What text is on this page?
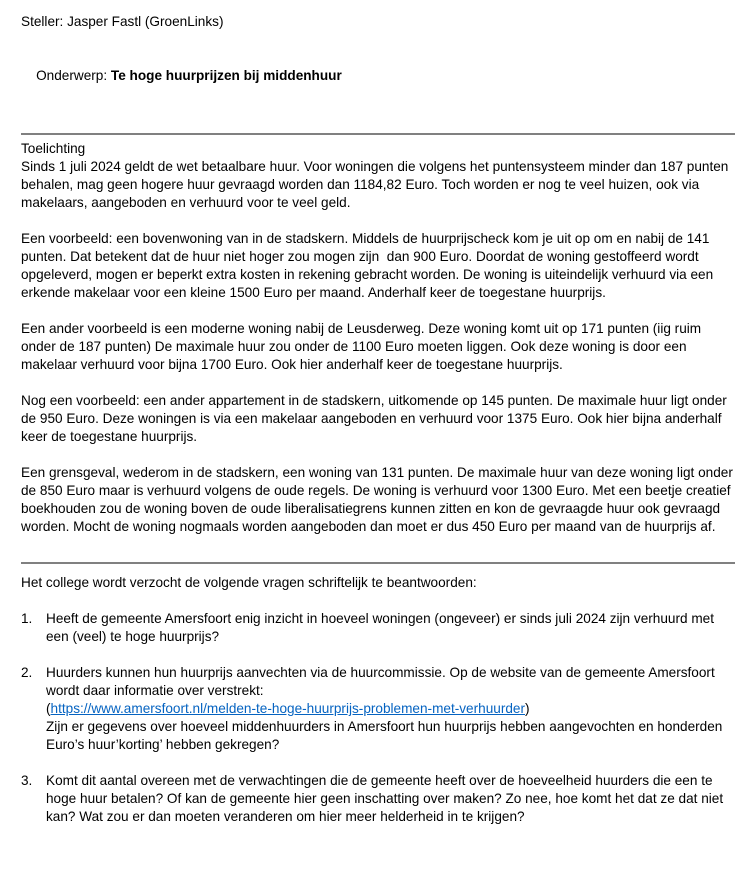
Steller: Jasper Fastl (GroenLinks)

Onderwerp: Te hoge huurprijzen bij middenhuur

Toelichting

Sinds 1 juli 2024 geldt de wet betaalbare huur. Voor woningen die volgens het puntensysteem minder dan 187 punten behalen, mag geen hogere huur gevraagd worden dan 1184,82 Euro. Toch worden er nog te veel huizen, ook via makelaars, aangeboden en verhuurd voor te veel geld.

Een voorbeeld: een bovenwoning van in de stadskern. Middels de huurprijscheck kom je uit op om en nabij de 141 punten. Dat betekent dat de huur niet hoger zou mogen zijn  dan 900 Euro. Doordat de woning gestoffeerd wordt opgeleverd, mogen er beperkt extra kosten in rekening gebracht worden. De woning is uiteindelijk verhuurd via een erkende makelaar voor een kleine 1500 Euro per maand. Anderhalf keer de toegestane huurprijs.

Een ander voorbeeld is een moderne woning nabij de Leusderweg. Deze woning komt uit op 171 punten (iig ruim onder de 187 punten) De maximale huur zou onder de 1100 Euro moeten liggen. Ook deze woning is door een makelaar verhuurd voor bijna 1700 Euro. Ook hier anderhalf keer de toegestane huurprijs.

Nog een voorbeeld: een ander appartement in de stadskern, uitkomende op 145 punten. De maximale huur ligt onder de 950 Euro. Deze woningen is via een makelaar aangeboden en verhuurd voor 1375 Euro. Ook hier bijna anderhalf keer de toegestane huurprijs.

Een grensgeval, wederom in de stadskern, een woning van 131 punten. De maximale huur van deze woning ligt onder de 850 Euro maar is verhuurd volgens de oude regels. De woning is verhuurd voor 1300 Euro. Met een beetje creatief boekhouden zou de woning boven de oude liberalisatiegrens kunnen zitten en kon de gevraagde huur ook gevraagd worden. Mocht de woning nogmaals worden aangeboden dan moet er dus 450 Euro per maand van de huurprijs af.

Het college wordt verzocht de volgende vragen schriftelijk te beantwoorden:
1.	Heeft de gemeente Amersfoort enig inzicht in hoeveel woningen (ongeveer) er sinds juli 2024 zijn verhuurd met een (veel) te hoge huurprijs?
2.	Huurders kunnen hun huurprijs aanvechten via de huurcommissie. Op de website van de gemeente Amersfoort wordt daar informatie over verstrekt:
(https://www.amersfoort.nl/melden-te-hoge-huurprijs-problemen-met-verhuurder)
Zijn er gegevens over hoeveel middenhuurders in Amersfoort hun huurprijs hebben aangevochten en honderden Euro’s huur’korting’ hebben gekregen?
3.	Komt dit aantal overeen met de verwachtingen die de gemeente heeft over de hoeveelheid huurders die een te hoge huur betalen? Of kan de gemeente hier geen inschatting over maken? Zo nee, hoe komt het dat ze dat niet kan? Wat zou er dan moeten veranderen om hier meer helderheid in te krijgen?
